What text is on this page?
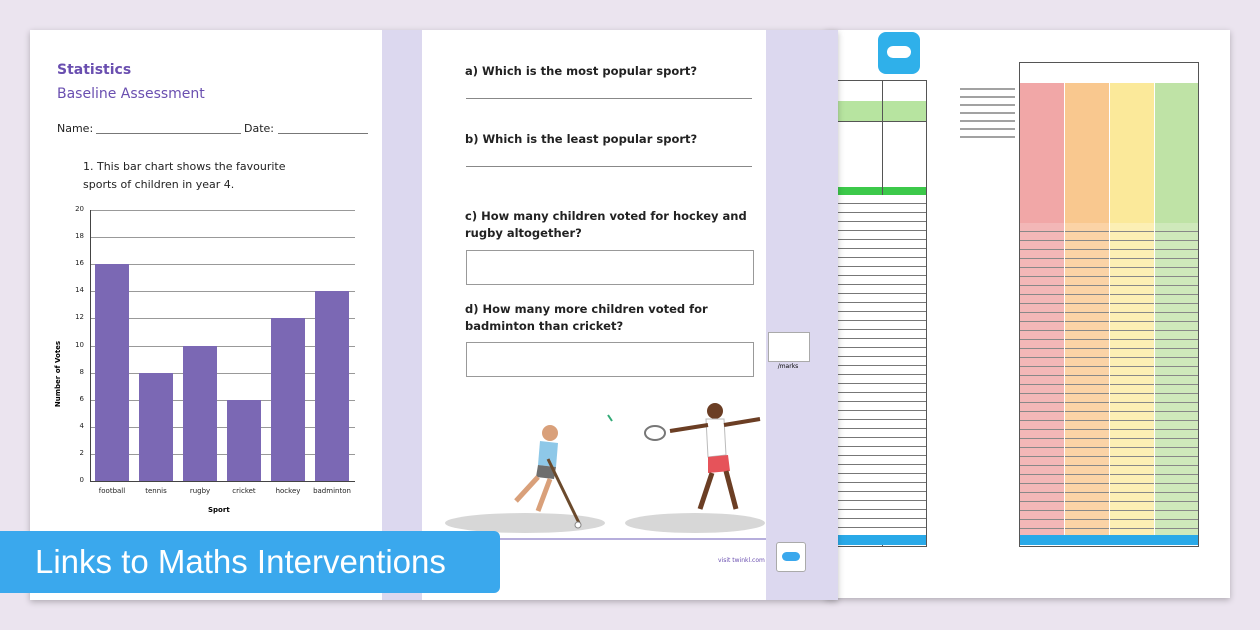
Statistics
Baseline Assessment
Name:	Date:
1. This bar chart shows the favourite sports of children in year 4.
0
2
4
6
8
10
12
14
16
18
20
football	tennis	rugby	cricket	hockey	badminton
Number of Votes
Sport
a) Which is the most popular sport?
b) Which is the least popular sport?
c) How many children voted for hockey and rugby altogether?
d) How many more children voted for badminton than cricket?
/marks
visit twinkl.com
Links to Maths Interventions
